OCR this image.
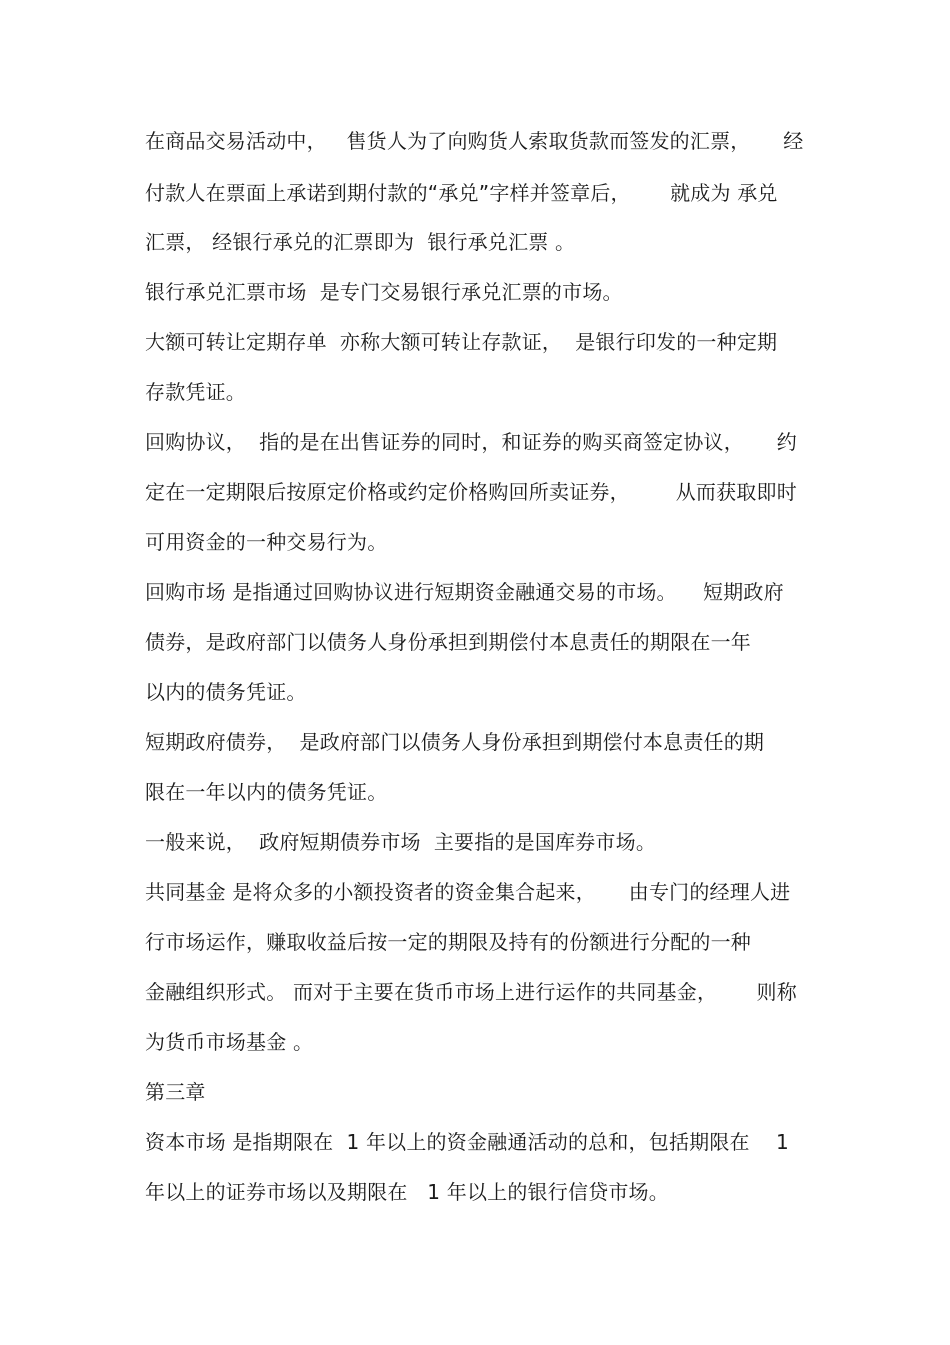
在商品交易活动中，   售货人为了向购货人索取货款而签发的汇票，     经
付款人在票面上承诺到期付款的“承兑”字样并签章后，      就成为 承兑
汇票， 经银行承兑的汇票即为  银行承兑汇票 。
银行承兑汇票市场  是专门交易银行承兑汇票的市场。
大额可转让定期存单  亦称大额可转让存款证，  是银行印发的一种定期
存款凭证。
回购协议，  指的是在出售证券的同时，和证券的购买商签定协议，     约
定在一定期限后按原定价格或约定价格购回所卖证券，       从而获取即时
可用资金的一种交易行为。
回购市场 是指通过回购协议进行短期资金融通交易的市场。    短期政府
债券，是政府部门以债务人身份承担到期偿付本息责任的期限在一年
以内的债务凭证。
短期政府债券，  是政府部门以债务人身份承担到期偿付本息责任的期
限在一年以内的债务凭证。
一般来说，  政府短期债券市场  主要指的是国库券市场。
共同基金 是将众多的小额投资者的资金集合起来，     由专门的经理人进
行市场运作，赚取收益后按一定的期限及持有的份额进行分配的一种
金融组织形式。 而对于主要在货币市场上进行运作的共同基金，      则称
为货币市场基金 。
第三章
资本市场 是指期限在  1 年以上的资金融通活动的总和，包括期限在    1
年以上的证券市场以及期限在   1 年以上的银行信贷市场。
